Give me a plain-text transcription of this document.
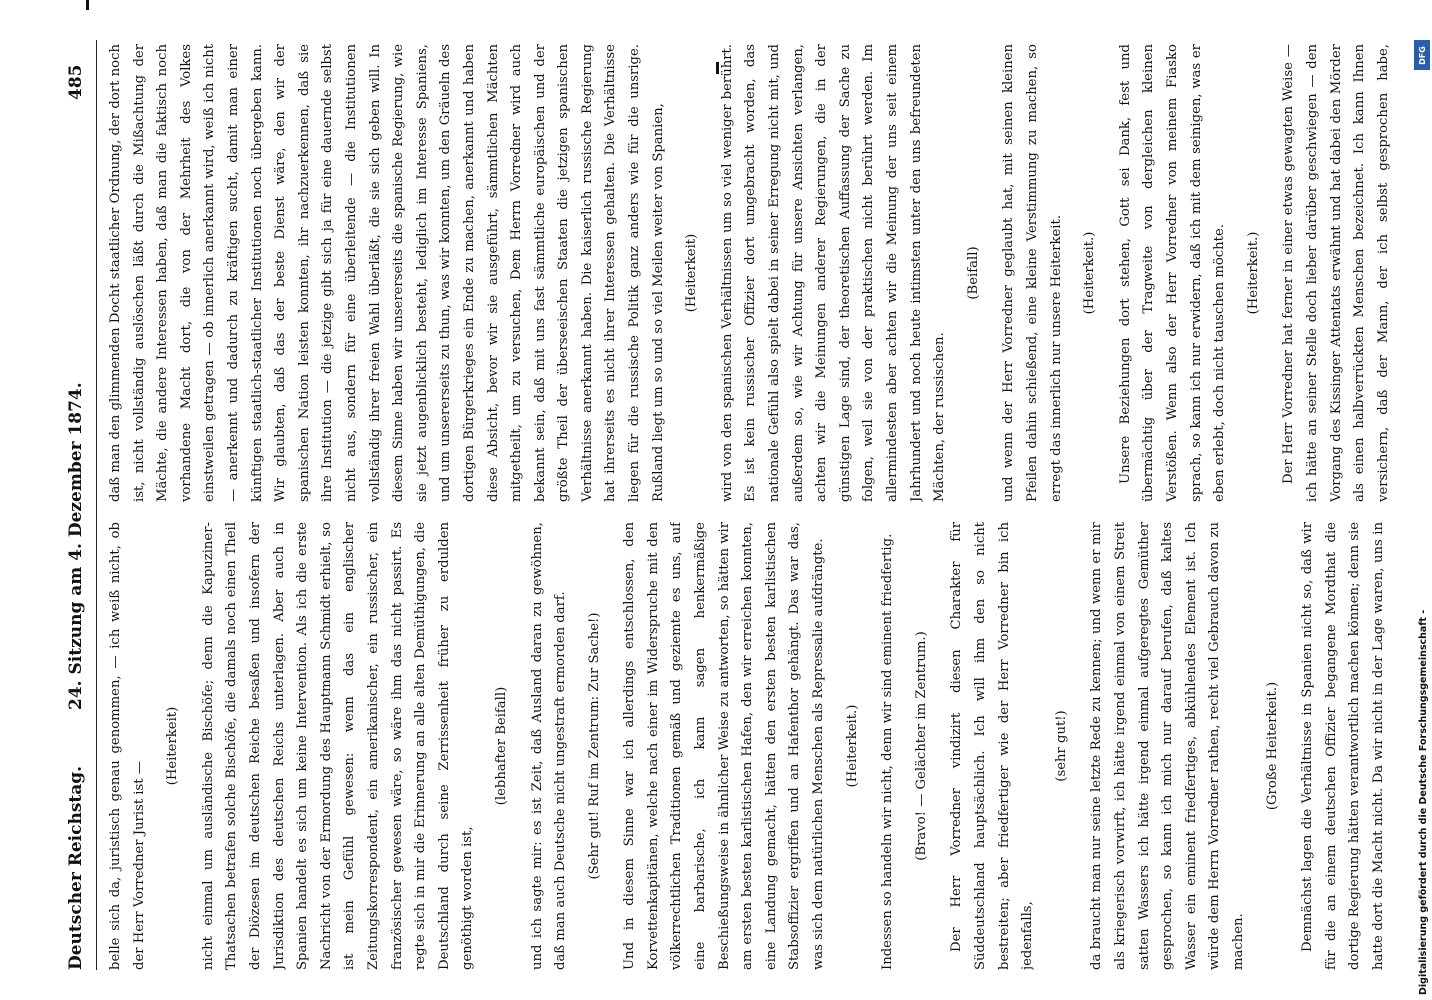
Deutscher Reichstag.
24. Sitzung am 4. Dezember 1874.
485

belle sich da, juristisch genau genommen, — ich weiß nicht, ob der Herr Vorredner Jurist ist —

(Heiterkeit)	nicht einmal um ausländische Bischöfe; denn die Kapuziner-Thatsachen betrafen solche Bischöfe, die damals noch einen Theil der Diözesen im deutschen Reiche besaßen und insofern der Jurisdiktion des deutschen Reichs unterlagen. Aber auch in Spanien handelt es sich um keine Intervention. Als ich die erste Nachricht von der Ermordung des Hauptmann Schmidt erhielt, so ist mein Gefühl gewesen: wenn das ein englischer Zeitungskorrespondent, ein amerikanischer, ein russischer, ein französischer gewesen wäre, so wäre ihm das nicht passirt. Es regte sich in mir die Erinnerung an alle alten Demüthigungen, die Deutschland durch seine Zerrissenheit früher zu erdulden genöthigt worden ist,

(lebhafter Beifall)	und ich sagte mir: es ist Zeit, daß Ausland daran zu gewöhnen, daß man auch Deutsche nicht ungestraft ermorden darf.	(Sehr gut! Ruf im Zentrum: Zur Sache!)	Und in diesem Sinne war ich allerdings entschlossen, den Korvettenkapitänen, welche nach einer im Widerspruche mit den völkerrechtlichen Traditionen gemäß und geziemte es uns, auf eine barbarische, ich kann sagen henkermäßige Beschießungsweise in ähnlicher Weise zu antworten, so hätten wir am ersten besten karlistischen Hafen, den wir erreichen konnten, eine Landung gemacht, hätten den ersten besten karlistischen Stabsoffizier ergriffen und an Hafenthor gehängt. Das war das, was sich dem natürlichen Menschen als Repressalie aufdrängte.	(Heiterkeit.)	Indessen so handeln wir nicht, denn wir sind eminent friedfertig.	(Bravo! — Gelächter im Zentrum.)	Der Herr Vorredner vindizirt diesen Charakter für Süddeutschland hauptsächlich. Ich will ihm den so nicht bestreiten; aber friedfertiger wie der Herr Vorredner bin ich jedenfalls,

(sehr gut!)	da braucht man nur seine letzte Rede zu kennen; und wenn er mir als kriegerisch vorwirft, ich hätte irgend einmal von einem Streit satten Wassers ich hätte irgend einmal aufgeregtes Gemüther gesprochen, so kann ich mich nur darauf berufen, daß kaltes Wasser ein eminent friedfertiges, abkühlendes Element ist. Ich würde dem Herrn Vorredner rathen, recht viel Gebrauch davon zu machen.

(Große Heiterkeit.)

Demnächst lagen die Verhältnisse in Spanien nicht so, daß wir für die an einem deutschen Offizier begangene Mordthat die dortige Regierung hätten verantwortlich machen können; denn sie hatte dort die Macht nicht. Da wir nicht in der Lage waren, uns in

daß man den glimmenden Docht staatlicher Ordnung, der dort noch ist, nicht vollständig auslöschen läßt durch die Mißachtung der Mächte, die andere Interessen haben, daß man die faktisch noch vorhandene Macht dort, die von der Mehrheit des Volkes einstweilen getragen — ob innerlich anerkannt wird, weiß ich nicht — anerkennt und dadurch zu kräftigen sucht, damit man einer künftigen staatlich-staatlicher Institutionen noch übergeben kann. Wir glaubten, daß das der beste Dienst wäre, den wir der spanischen Nation leisten konnten, ihr nachzuerkennen, daß sie ihre Institution — die jetzige gibt sich ja für eine dauernde selbst nicht aus, sondern für eine überleitende — die Institutionen vollständig ihrer freien Wahl überläßt, die sie sich geben will. In diesem Sinne haben wir unsererseits die spanische Regierung, wie sie jetzt augenblicklich besteht, lediglich im Interesse Spaniens, und um unsererseits zu thun, was wir konnten, um den Gräueln des dortigen Bürgerkrieges ein Ende zu machen, anerkannt und haben diese Absicht, bevor wir sie ausgeführt, sämmtlichen Mächten mitgetheilt, um zu versuchen, Dem Herrn Vorredner wird auch bekannt sein, daß mit uns fast sämmtliche europäischen und der größte Theil der überseeischen Staaten die jetzigen spanischen Verhältnisse anerkannt haben. Die kaiserlich russische Regierung hat ihrerseits es nicht ihrer Interessen gehalten. Die Verhältnisse liegen für die russische Politik ganz anders wie für die unsrige. Rußland liegt um so und so viel Meilen weiter von Spanien,	(Heiterkeit)	wird von den spanischen Verhältnissen um so viel weniger berührt. Es ist kein russischer Offizier dort umgebracht worden, das nationale Gefühl also spielt dabei in seiner Erregung nicht mit, und außerdem so, wie wir Achtung für unsere Ansichten verlangen, achten wir die Meinungen anderer Regierungen, die in der günstigen Lage sind, der theoretischen Auffassung der Sache zu folgen, weil sie von der praktischen nicht berührt werden. Im allermindesten aber achten wir die Meinung der uns seit einem Jahrhundert und noch heute intimsten unter den uns befreundeten Mächten, der russischen.

(Beifall)	und wenn der Herr Vorredner geglaubt hat, mit seinen kleinen Pfeilen dahin schießend, eine kleine Verstimmung zu machen, so erregt das innerlich nur unsere Heiterkeit.	(Heiterkeit.)	Unsere Beziehungen dort stehen, Gott sei Dank, fest und übermächtig über der Tragweite von dergleichen kleinen Verstößen. Wenn also der Herr Vorredner von meinem Fiasko sprach, so kann ich nur erwidern, daß ich mit dem seinigen, was er eben erlebt, doch nicht tauschen möchte.	(Heiterkeit.)

Der Herr Vorredner hat ferner in einer etwas gewagten Weise — ich hätte an seiner Stelle doch lieber darüber geschwiegen — den Vorgang des Kissinger Attentats erwähnt und hat dabei den Mörder als einen halbverrückten Menschen bezeichnet. Ich kann Ihnen versichern, daß der Mann, der ich selbst gesprochen habe,	DFG
Digitalisierung gefördert durch die Deutsche Forschungsgemeinschaft -
